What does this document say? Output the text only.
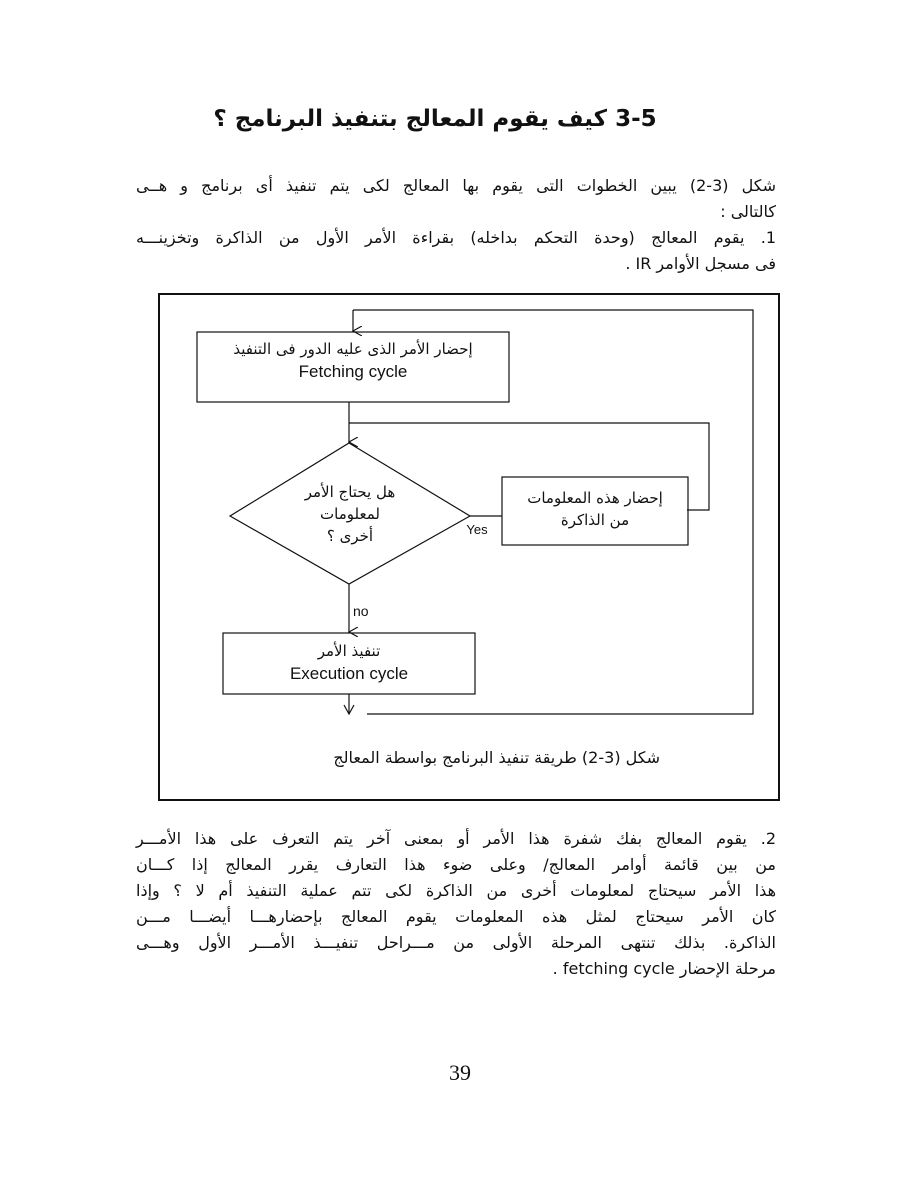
3-5 كيف يقوم المعالج بتنفيذ البرنامج ؟
شكل (3-2) يبين الخطوات التى يقوم بها المعالج لكى يتم تنفيذ أى برنامج و هــى
كالتالى :
1. يقوم المعالج (وحدة التحكم بداخله) بقراءة الأمر الأول من الذاكرة وتخزينـــه
فى مسجل الأوامر IR .
إحضار الأمر الذى عليه الدور فى التنفيذ
Fetching cycle
هل يحتاج الأمر
لمعلومات
أخرى ؟	Yes
no
إحضار هذه المعلومات
من الذاكرة
تنفيذ الأمر
Execution cycle
شكل (3-2) طريقة تنفيذ البرنامج بواسطة المعالج
2. يقوم المعالج بفك شفرة هذا الأمر أو بمعنى آخر يتم التعرف على هذا الأمـــر
من بين قائمة أوامر المعالج/ وعلى ضوء هذا التعارف يقرر المعالج إذا كـــان
هذا الأمر سيحتاج لمعلومات أخرى من الذاكرة لكى تتم عملية التنفيذ أم لا ؟ وإذا
كان الأمر سيحتاج لمثل هذه المعلومات يقوم المعالج بإحضارهـــا أيضـــا مـــن
الذاكرة. بذلك تنتهى المرحلة الأولى من مـــراحل تنفيـــذ الأمـــر الأول وهـــى
مرحلة الإحضار fetching cycle .
39
